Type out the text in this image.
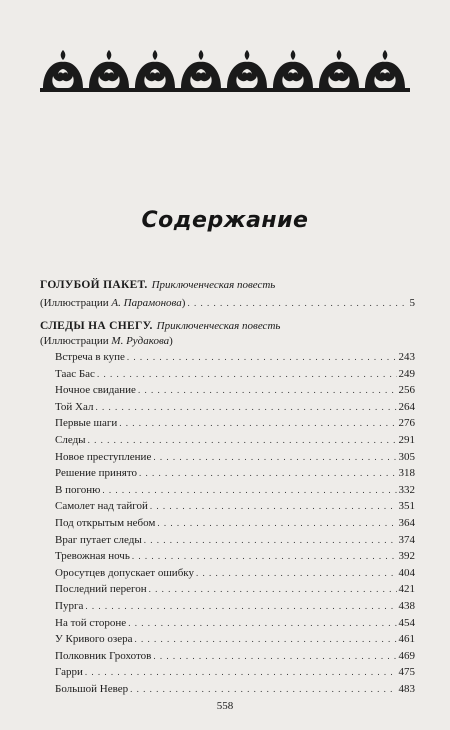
Содержание
ГОЛУБОЙ ПАКЕТ. Приключенческая повесть
(Иллюстрации
А. Парамонова ) . . .	5
СЛЕДЫ НА СНЕГУ. Приключенческая повесть
(Иллюстрации
М. Рудакова )
Встреча в купе . . .	243
Таас Бас . . .	249
Ночное свидание . . .	256
Той Хал . . .	264
Первые шаги . . .	276
Следы . . .	291
Новое преступление . . .	305
Решение принято . . .	318
В погоню . . .	332
Самолет над тайгой . . .	351
Под открытым небом . . .	364
Враг путает следы . . .	374
Тревожная ночь . . .	392
Оросутцев допускает ошибку . . .	404
Последний перегон . . .	421
Пурга . . .	438
На той стороне . . .	454
У Кривого озера . . .	461
Полковник Грохотов . . .	469
Гарри . . .	475
Большой Невер . . .	483
558
